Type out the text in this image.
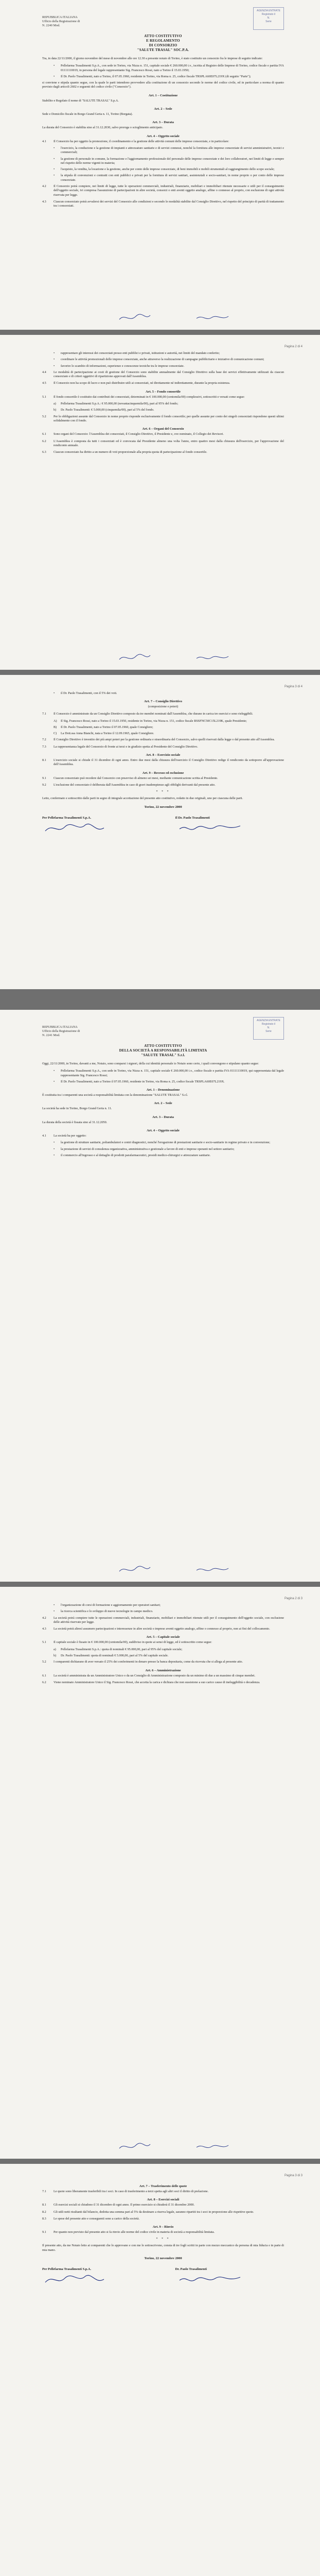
AGENZIA ENTRATE
Registrato il
N.
Serie
REPUBBLICA ITALIANA
Ufficio della Registrazione di
N. 2240 Mod.
ATTO COSTITUTIVO
E REGOLAMENTO
DI CONSORZIO
"SALUTE TRASAL" SOC.P.A.

Tra, in data 22/11/2000, il giorno novembre del mese di novembre alle ore 12.30 a presente notaio di Torino, è stato costituito un consorzio fra le imprese di seguito indicate:

•	Pellefarma Trasalimenti S.p.A., con sede in Torino, via Nizza n. 151, capitale sociale € 260.000,00 i.v., iscritta al Registro delle Imprese di Torino, codice fiscale e partita IVA 01111110019, in persona del legale rappresentante Sig. Francesco Rossi, nato a Torino il 15.03.1950;
•	Il Dr. Paolo Trasalimenti, nato a Torino, il 07.05.1960, residente in Torino, via Roma n. 25, codice fiscale TRSPLA60E07L219X (di seguito "Parte");

si conviene e stipula quanto segue, con la quale le parti intendono provvedere alla costituzione di un consorzio secondo le norme del codice civile, ed in particolare a norma di quanto previsto dagli articoli 2602 e seguenti del codice civile ("Consorzio").

Art. 1 – Costituzione

Stabilito e Regolato il nome di "SALUTE TRASAL" S.p.A.

Art. 2 – Sede

Sede e Domicilio fiscale in Borgo Grand Geria n. 11, Torino (Borgata).

Art. 3 – Durata

La durata del Consorzio è stabilita sino al 31.12.2030, salvo proroga o scioglimento anticipato.

Art. 4 – Oggetto sociale
4.1	Il Consorzio ha per oggetto la promozione, il coordinamento e la gestione delle attività comuni delle imprese consorziate, e in particolare:
•	l'esercizio, la conduzione e la gestione di impianti e attrezzature sanitarie e di servizi connessi, nonché la fornitura alle imprese consorziate di servizi amministrativi, tecnici e commerciali;
•	la gestione di personale in comune, la formazione e l'aggiornamento professionale del personale delle imprese consorziate e dei loro collaboratori, nei limiti di legge e sempre nel rispetto delle norme vigenti in materia;
•	l'acquisto, la vendita, la locazione e la gestione, anche per conto delle imprese consorziate, di beni immobili e mobili strumentali al raggiungimento dello scopo sociale;
•	la stipula di convenzioni e contratti con enti pubblici e privati per la fornitura di servizi sanitari, assistenziali e socio-sanitari, in nome proprio o per conto delle imprese consorziate.
4.2	Il Consorzio potrà compiere, nei limiti di legge, tutte le operazioni commerciali, industriali, finanziarie, mobiliari e immobiliari ritenute necessarie o utili per il conseguimento dell'oggetto sociale, ivi compresa l'assunzione di partecipazioni in altre società, consorzi o enti aventi oggetto analogo, affine o connesso al proprio, con esclusione di ogni attività riservata per legge.
4.3	Ciascun consorziato potrà avvalersi dei servizi del Consorzio alle condizioni e secondo le modalità stabilite dal Consiglio Direttivo, nel rispetto del principio di parità di trattamento tra i consorziati.
Pagina 2 di 4
•	rappresentare gli interessi dei consorziati presso enti pubblici e privati, istituzioni e autorità, nei limiti del mandato conferito;
•	coordinare le attività promozionali delle imprese consorziate, anche attraverso la realizzazione di campagne pubblicitarie e iniziative di comunicazione comuni;
•	favorire lo scambio di informazioni, esperienze e conoscenze tecniche tra le imprese consorziate.
4.4	Le modalità di partecipazione ai costi di gestione del Consorzio sono stabilite annualmente dal Consiglio Direttivo sulla base dei servizi effettivamente utilizzati da ciascun consorziato e di criteri oggettivi di ripartizione approvati dall'Assemblea.
4.5	Il Consorzio non ha scopo di lucro e non può distribuire utili ai consorziati, né direttamente né indirettamente, durante la propria esistenza.
Art. 5 – Fondo consortile
5.1	Il fondo consortile è costituito dai contributi dei consorziati, determinati in € 100.000,00 (centomila/00) complessivi, sottoscritti e versati come segue:
a)	Pellefarma Trasalimenti S.p.A.: € 95.000,00 (novantacinquemila/00), pari al 95% del fondo;
b)	Dr. Paolo Trasalimenti: € 5.000,00 (cinquemila/00), pari al 5% del fondo.
5.2	Per le obbligazioni assunte dal Consorzio in nome proprio risponde esclusivamente il fondo consortile; per quelle assunte per conto dei singoli consorziati rispondono questi ultimi solidalmente con il fondo.
Art. 6 – Organi del Consorzio
6.1	Sono organi del Consorzio: l'Assemblea dei consorziati, il Consiglio Direttivo, il Presidente e, ove nominato, il Collegio dei Revisori.
6.2	L'Assemblea è composta da tutti i consorziati ed è convocata dal Presidente almeno una volta l'anno, entro quattro mesi dalla chiusura dell'esercizio, per l'approvazione del rendiconto annuale.
6.3	Ciascun consorziato ha diritto a un numero di voti proporzionale alla propria quota di partecipazione al fondo consortile.
Pagina 3 di 4
•	il Dr. Paolo Trasalimenti, con il 5% dei voti.
Art. 7 – Consiglio Direttivo
(composizione e poteri)
7.1	Il Consorzio è amministrato da un Consiglio Direttivo composto da tre membri nominati dall'Assemblea, che durano in carica tre esercizi e sono rieleggibili.
A)	Il Sig. Francesco Rossi, nato a Torino il 15.03.1950, residente in Torino, via Nizza n. 151, codice fiscale RSSFNC50C15L219K, quale Presidente;
B)	Il Dr. Paolo Trasalimenti, nato a Torino il 07.05.1960, quale Consigliere;
C)	La Dott.ssa Anna Bianchi, nata a Torino il 12.09.1965, quale Consigliere.
7.2	Il Consiglio Direttivo è investito dei più ampi poteri per la gestione ordinaria e straordinaria del Consorzio, salvo quelli riservati dalla legge o dal presente atto all'Assemblea.
7.3	La rappresentanza legale del Consorzio di fronte ai terzi e in giudizio spetta al Presidente del Consiglio Direttivo.
Art. 8 – Esercizio sociale
8.1	L'esercizio sociale si chiude il 31 dicembre di ogni anno. Entro due mesi dalla chiusura dell'esercizio il Consiglio Direttivo redige il rendiconto da sottoporre all'approvazione dell'Assemblea.
Art. 9 – Recesso ed esclusione
9.1	Ciascun consorziato può recedere dal Consorzio con preavviso di almeno sei mesi, mediante comunicazione scritta al Presidente.
9.2	L'esclusione del consorziato è deliberata dall'Assemblea in caso di gravi inadempienze agli obblighi derivanti dal presente atto.
* * *

Letto, confermato e sottoscritto dalle parti in segno di integrale accettazione del presente atto costitutivo, redatto in due originali, uno per ciascuna delle parti.

Torino, 22 novembre 2000
Per Pellefarma Trasalimenti S.p.A.	Il Dr. Paolo Trasalimenti
AGENZIA ENTRATE
Registrato il
N.
Serie
REPUBBLICA ITALIANA
Ufficio della Registrazione di
N. 2241 Mod.
ATTO COSTITUTIVO
DELLA SOCIETÀ A RESPONSABILITÀ LIMITATA
"SALUTE TRASAL" S.r.l.

Oggi, 22/11/2000, in Torino, davanti a me, Notaio, sono comparsi i signori, della cui identità personale io Notaio sono certo, i quali convengono e stipulano quanto segue:

•	Pellefarma Trasalimenti S.p.A., con sede in Torino, via Nizza n. 151, capitale sociale € 260.000,00 i.v., codice fiscale e partita IVA 01111110019, qui rappresentata dal legale rappresentante Sig. Francesco Rossi;
•	Il Dr. Paolo Trasalimenti, nato a Torino il 07.05.1960, residente in Torino, via Roma n. 25, codice fiscale TRSPLA60E07L219X.
Art. 1 – Denominazione

È costituita tra i comparenti una società a responsabilità limitata con la denominazione "SALUTE TRASAL" S.r.l.

Art. 2 – Sede

La società ha sede in Torino, Borgo Grand Geria n. 11.

Art. 3 – Durata

La durata della società è fissata sino al 31.12.2050.

Art. 4 – Oggetto sociale
4.1	La società ha per oggetto:
•	la gestione di strutture sanitarie, poliambulatori e centri diagnostici, nonché l'erogazione di prestazioni sanitarie e socio-sanitarie in regime privato e in convenzione;
•	la prestazione di servizi di consulenza organizzativa, amministrativa e gestionale a favore di enti e imprese operanti nel settore sanitario;
•	il commercio all'ingrosso e al dettaglio di prodotti parafarmaceutici, presidi medico-chirurgici e attrezzature sanitarie.
Pagina 2 di 3
•	l'organizzazione di corsi di formazione e aggiornamento per operatori sanitari;
•	la ricerca scientifica e lo sviluppo di nuove tecnologie in campo medico.
4.2	La società potrà compiere tutte le operazioni commerciali, industriali, finanziarie, mobiliari e immobiliari ritenute utili per il conseguimento dell'oggetto sociale, con esclusione delle attività riservate per legge.
4.3	La società potrà altresì assumere partecipazioni e interessenze in altre società o imprese aventi oggetto analogo, affine o connesso al proprio, non ai fini del collocamento.
Art. 5 – Capitale sociale
5.1	Il capitale sociale è fissato in € 100.000,00 (centomila/00), suddiviso in quote ai sensi di legge, ed è sottoscritto come segue:
a)	Pellefarma Trasalimenti S.p.A.: quota di nominali € 95.000,00, pari al 95% del capitale sociale;
b)	Dr. Paolo Trasalimenti: quota di nominali € 5.000,00, pari al 5% del capitale sociale.
5.2	I comparenti dichiarano di aver versato il 25% dei conferimenti in denaro presso la banca depositaria, come da ricevuta che si allega al presente atto.
Art. 6 – Amministrazione
6.1	La società è amministrata da un Amministratore Unico o da un Consiglio di Amministrazione composto da un minimo di due a un massimo di cinque membri.
6.2	Viene nominato Amministratore Unico il Sig. Francesco Rossi, che accetta la carica e dichiara che non sussistono a suo carico cause di ineleggibilità o decadenza.
Pagina 3 di 3
Art. 7 – Trasferimento delle quote
7.1	Le quote sono liberamente trasferibili tra i soci. In caso di trasferimento a terzi spetta agli altri soci il diritto di prelazione.
Art. 8 – Esercizi sociali
8.1	Gli esercizi sociali si chiudono il 31 dicembre di ogni anno. Il primo esercizio si chiuderà il 31 dicembre 2000.
8.2	Gli utili netti risultanti dal bilancio, dedotta una somma pari al 5% da destinare a riserva legale, saranno ripartiti tra i soci in proporzione alle rispettive quote.
8.3	Le spese del presente atto e conseguenti sono a carico della società.
Art. 9 – Rinvio
9.1	Per quanto non previsto dal presente atto si fa rinvio alle norme del codice civile in materia di società a responsabilità limitata.
* * *

Il presente atto, da me Notaio letto ai comparenti che lo approvano e con me lo sottoscrivono, consta di tre fogli scritti in parte con mezzo meccanico da persona di mia fiducia e in parte di mia mano.

Torino, 22 novembre 2000
Per Pellefarma Trasalimenti S.p.A.	Dr. Paolo Trasalimenti
